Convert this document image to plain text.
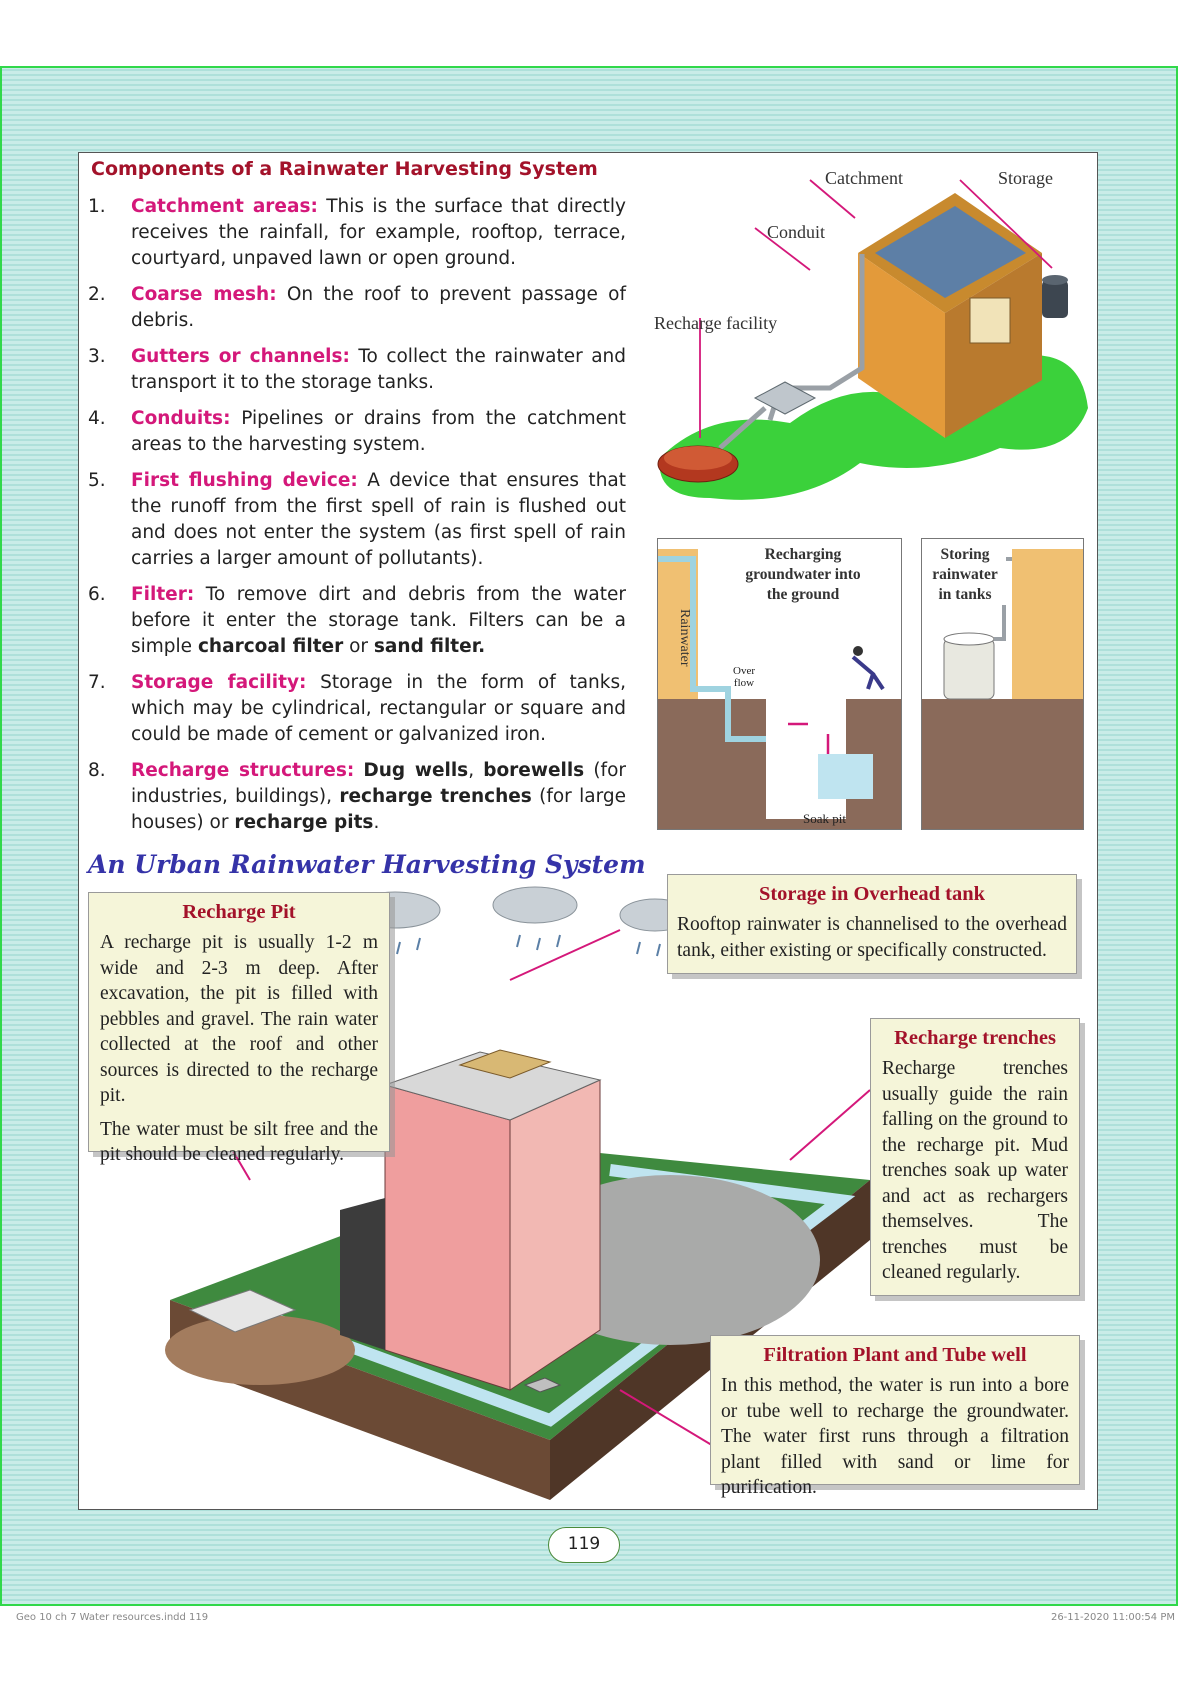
Components of a Rainwater Harvesting System
1.	Catchment areas: This is the surface that directly receives the rainfall, for example, rooftop, terrace, courtyard, unpaved lawn or open ground.
2.	Coarse mesh: On the roof to prevent passage of debris.
3.	Gutters or channels: To collect the rainwater and transport it to the storage tanks.
4.	Conduits: Pipelines or drains from the catchment areas to the harvesting system.
5.	First flushing device: A device that ensures that the runoff from the first spell of rain is flushed out and does not enter the system (as first spell of rain carries a larger amount of pollutants).
6.	Filter: To remove dirt and debris from the water before it enter the storage tank. Filters can be a simple charcoal filter or sand filter.
7.	Storage facility: Storage in the form of tanks, which may be cylindrical, rectangular or square and could be made of cement or galvanized iron.
8.	Recharge structures: Dug wells, borewells (for industries, buildings), recharge trenches (for large houses) or recharge pits.
Catchment	Storage
Conduit
Recharge facility
Recharging
groundwater into
the ground
Rainwater
Over
flow
Soak pit
Storing
rainwater
in tanks
An Urban Rainwater Harvesting System
Recharge Pit

A recharge pit is usually 1-2 m wide and 2-3 m deep. After excavation, the pit is filled with pebbles and gravel. The rain water collected at the roof and other sources is directed to the recharge pit.

The water must be silt free and the pit should be cleaned regularly.

Storage in Overhead tank

Rooftop rainwater is channelised to the overhead tank, either existing or specifically constructed.

Recharge trenches

Recharge trenches usually guide the rain falling on the ground to the recharge pit. Mud trenches soak up water and act as rechargers themselves. The trenches must be cleaned regularly.

Filtration Plant and Tube well

In this method, the water is run into a bore or tube well to recharge the groundwater. The water first runs through a filtration plant filled with sand or lime for purification.

119
Geo 10 ch 7 Water resources.indd 119	26-11-2020 11:00:54 PM
